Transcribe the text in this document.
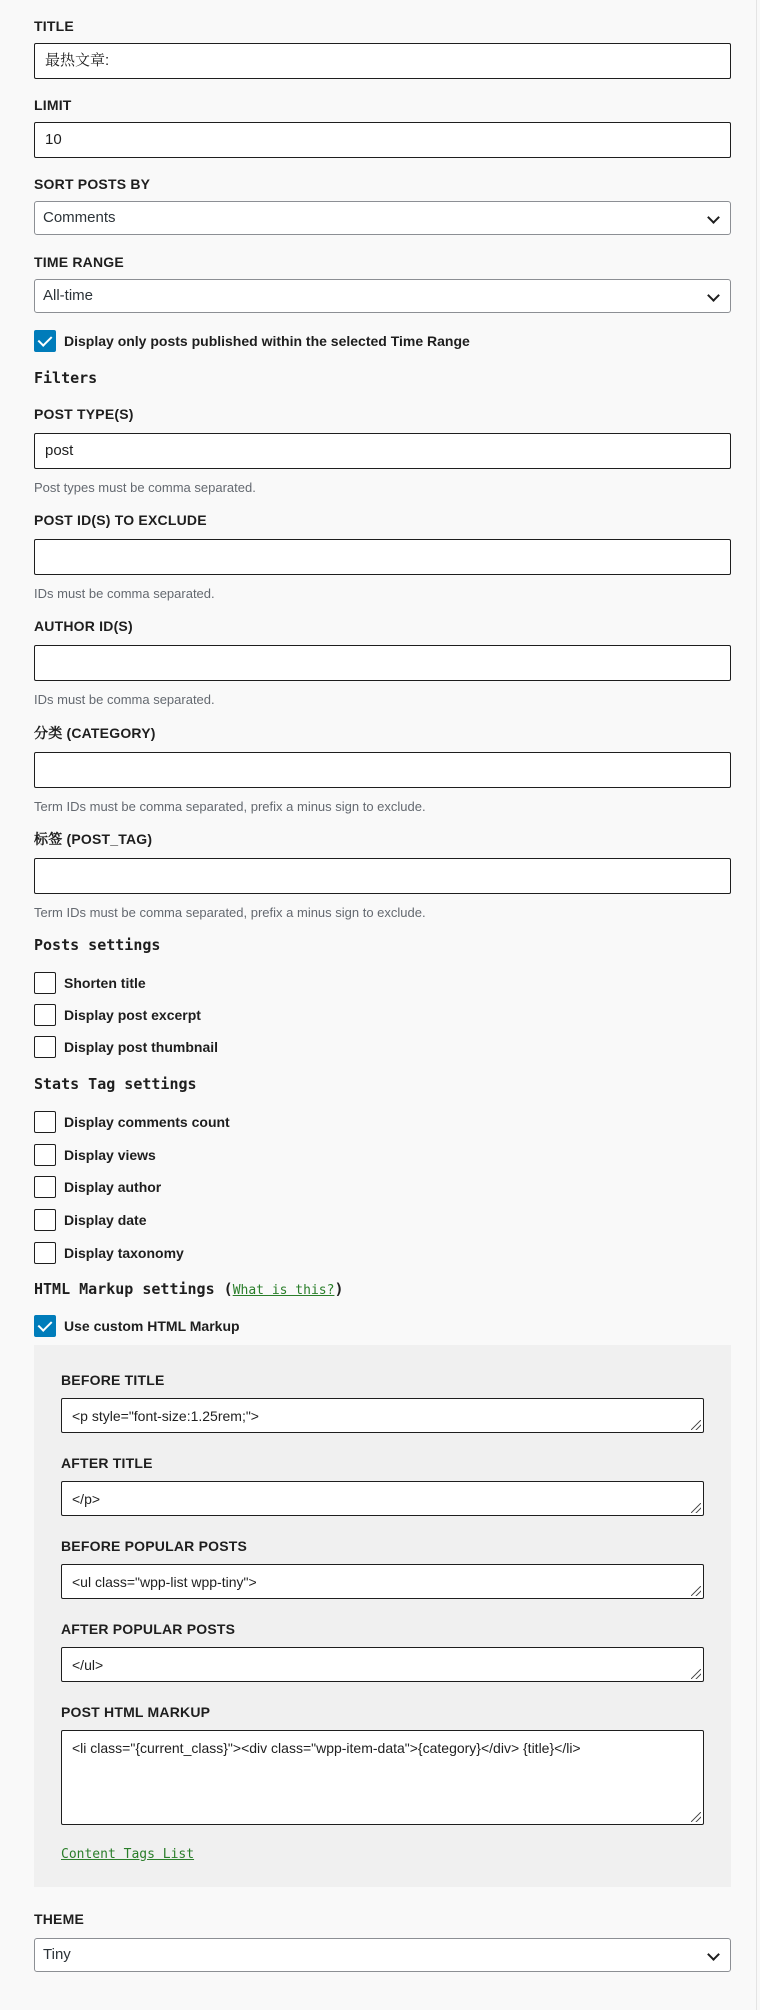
TITLE
最热文章:
LIMIT
10
SORT POSTS BY
Comments
TIME RANGE
All-time
Display only posts published within the selected Time Range
Filters
POST TYPE(S)
post
Post types must be comma separated.
POST ID(S) TO EXCLUDE
IDs must be comma separated.
AUTHOR ID(S)
IDs must be comma separated.
分类 (CATEGORY)
Term IDs must be comma separated, prefix a minus sign to exclude.
标签 (POST_TAG)
Term IDs must be comma separated, prefix a minus sign to exclude.
Posts settings
Shorten title
Display post excerpt
Display post thumbnail
Stats Tag settings
Display comments count
Display views
Display author
Display date
Display taxonomy
HTML Markup settings (What is this?)
Use custom HTML Markup
BEFORE TITLE
<p style="font-size:1.25rem;">
AFTER TITLE
</p>
BEFORE POPULAR POSTS
<ul class="wpp-list wpp-tiny">
AFTER POPULAR POSTS
</ul>
POST HTML MARKUP
<li class="{current_class}"><div class="wpp-item-data">{category}</div> {title}</li>
Content Tags List
THEME
Tiny
